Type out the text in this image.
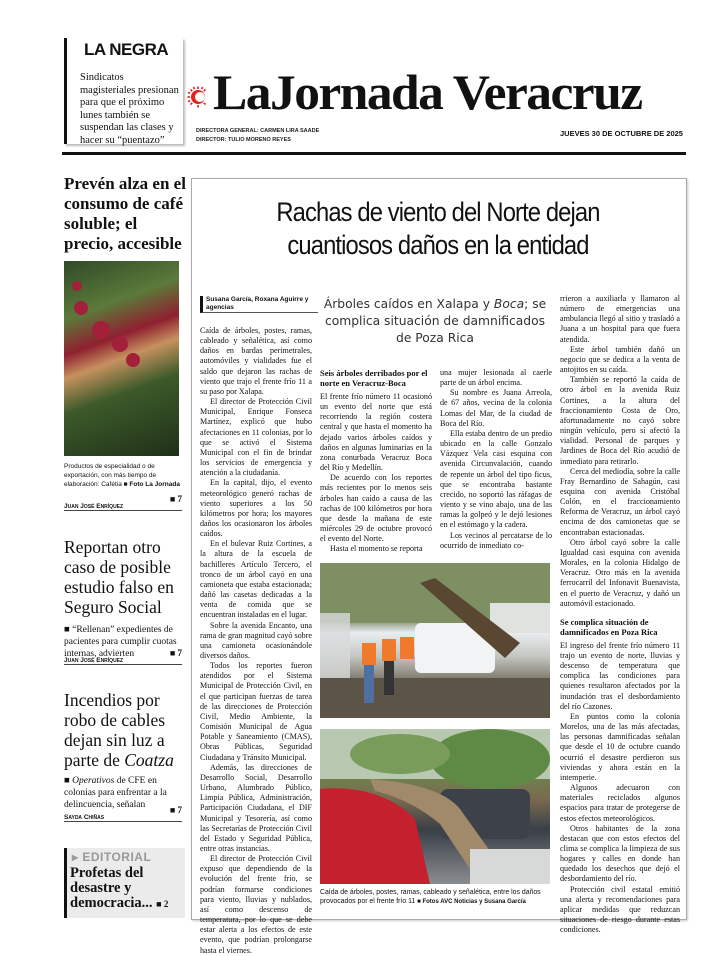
LA NEGRA
Sindicatos magisteriales presionan para que el próximo lunes también se suspendan las clases y hacer su “puentazo”
LaJornada Veracruz
DIRECTORA GENERAL: CARMEN LIRA SAADE
DIRECTOR: TULIO MORENO REYES
JUEVES 30 DE OCTUBRE DE 2025
Prevén alza en el consumo de café soluble; el precio, accesible
Productos de especialidad o de exportación, con más tiempo de elaboración: Cafétia ■ Foto La Jornada
Juan José Enríquez
■ 7
Reportan otro caso de posible estudio falso en Seguro Social
■ “Rellenan” expedientes de pacientes para cumplir cuotas internas, advierten
Juan José Enríquez
■ 7
Incendios por robo de cables dejan sin luz a parte de Coatza
■ Operativos de CFE en colonias para enfrentar a la delincuencia, señalan
Sayda Chiñas
■ 7
▸ EDITORIAL
Profetas del desastre y democracia... ■ 2
Rachas de viento del Norte dejan cuantiosos daños en la entidad
Susana García, Roxana Aguirre y agencias

Caída de árboles, postes, ramas, cableado y señalética, así como daños en bardas perimetrales, automóviles y vialidades fue el saldo que dejaron las rachas de viento que trajo el frente frío 11 a su paso por Xalapa.

El director de Protección Civil Municipal, Enrique Fonseca Martínez, explicó que hubo afectaciones en 11 colonias, por lo que se activó el Sistema Municipal con el fin de brindar los servicios de emergencia y atención a la ciudadanía.

En la capital, dijo, el evento meteorológico generó rachas de viento superiores a los 50 kilómetros por hora; los mayores daños los ocasionaron los árboles caídos.

En el bulevar Ruiz Cortines, a la altura de la escuela de bachilleres Artículo Tercero, el tronco de un árbol cayó en una camioneta que estaba estacionada; dañó las casetas dedicadas a la venta de comida que se encuentran instaladas en el lugar.

Sobre la avenida Encanto, una rama de gran magnitud cayó sobre una camioneta ocasionándole diversos daños.

Todos los reportes fueron atendidos por el Sistema Municipal de Protección Civil, en el que participan fuerzas de tarea de las direcciones de Protección Civil, Medio Ambiente, la Comisión Municipal de Agua Potable y Saneamiento (CMAS), Obras Públicas, Seguridad Ciudadana y Tránsito Municipal.

Además, las direcciones de Desarrollo Social, Desarrollo Urbano, Alumbrado Público, Limpia Pública, Administración, Participación Ciudadana, el DIF Municipal y Tesorería, así como las Secretarías de Protección Civil del Estado y Seguridad Pública, entre otras instancias.

El director de Protección Civil expuso que dependiendo de la evolución del frente frío, se podrían formarse condiciones para viento, lluvias y nublados, así como descenso de temperatura, por lo que se debe estar alerta a los efectos de este evento, que podrían prolongarse hasta el viernes.

Árboles caídos en Xalapa y Boca; se complica situación de damnificados de Poza Rica
Seis árboles derribados por el norte en Veracruz-Boca

El frente frío número 11 ocasionó un evento del norte que está recorriendo la región costera central y que hasta el momento ha dejado varios árboles caídos y daños en algunas luminarias en la zona conurbada Veracruz Boca del Río y Medellín.

De acuerdo con los reportes más recientes por lo menos seis árboles han caído a causa de las rachas de 100 kilómetros por hora que desde la mañana de este miércoles 29 de octubre provocó el evento del Norte.

Hasta el momento se reporta

una mujer lesionada al caerle parte de un árbol encima.

Su nombre es Juana Arreola, de 67 años, vecina de la colonia Lomas del Mar, de la ciudad de Boca del Río.

Ella estaba dentro de un predio ubicado en la calle Gonzalo Vázquez Vela casi esquina con avenida Circunvalación, cuando de repente un árbol del tipo ficus, que se encontraba bastante crecido, no soportó las ráfagas de viento y se vino abajo, una de las ramas la golpeó y le dejó lesiones en el estómago y la cadera.

Los vecinos al percatarse de lo ocurrido de inmediato co-

rrieron a auxiliarla y llamaron al número de emergencias una ambulancia llegó al sitio y trasladó a Juana a un hospital para que fuera atendida.

Este árbol también dañó un negocio que se dedica a la venta de antojitos en su caída.

También se reportó la caída de otro árbol en la avenida Ruiz Cortines, a la altura del fraccionamiento Costa de Oro, afortunadamente no cayó sobre ningún vehículo, pero sí afectó la vialidad. Personal de parques y Jardines de Boca del Río acudió de inmediato para retirarlo.

Cerca del mediodía, sobre la calle Fray Bernardino de Sahagún, casi esquina con avenida Cristóbal Colón, en el fraccionamiento Reforma de Veracruz, un árbol cayó encima de dos camionetas que se encontraban estacionadas.

Otro árbol cayó sobre la calle Igualdad casi esquina con avenida Morales, en la colonia Hidalgo de Veracruz. Otro más en la avenida ferrocarril del Infonavit Buenavista, en el puerto de Veracruz, y dañó un automóvil estacionado.

Se complica situación de damnificados en Poza Rica

El ingreso del frente frío número 11 trajo un evento de norte, lluvias y descenso de temperatura que complica las condiciones para quienes resultaron afectados por la inundación tras el desbordamiento del río Cazones.

En puntos como la colonia Morelos, una de las más afectadas, las personas damnificadas señalan que desde el 10 de octubre cuando ocurrió el desastre perdieron sus viviendas y ahora están en la intemperie.

Algunos adecuaron con materiales reciclados algunos espacios para tratar de protegerse de estos efectos meteorológicos.

Otros habitantes de la zona destacan que con estos efectos del clima se complica la limpieza de sus hogares y calles en donde han quedado los desechos que dejó el desbordamiento del río.

Protección civil estatal emitió una alerta y recomendaciones para aplicar medidas que reduzcan situaciones de riesgo durante estas condiciones.

Caída de árboles, postes, ramas, cableado y señalética, entre los daños provocados por el frente frío 11 ■ Fotos AVC Noticias y Susana García
